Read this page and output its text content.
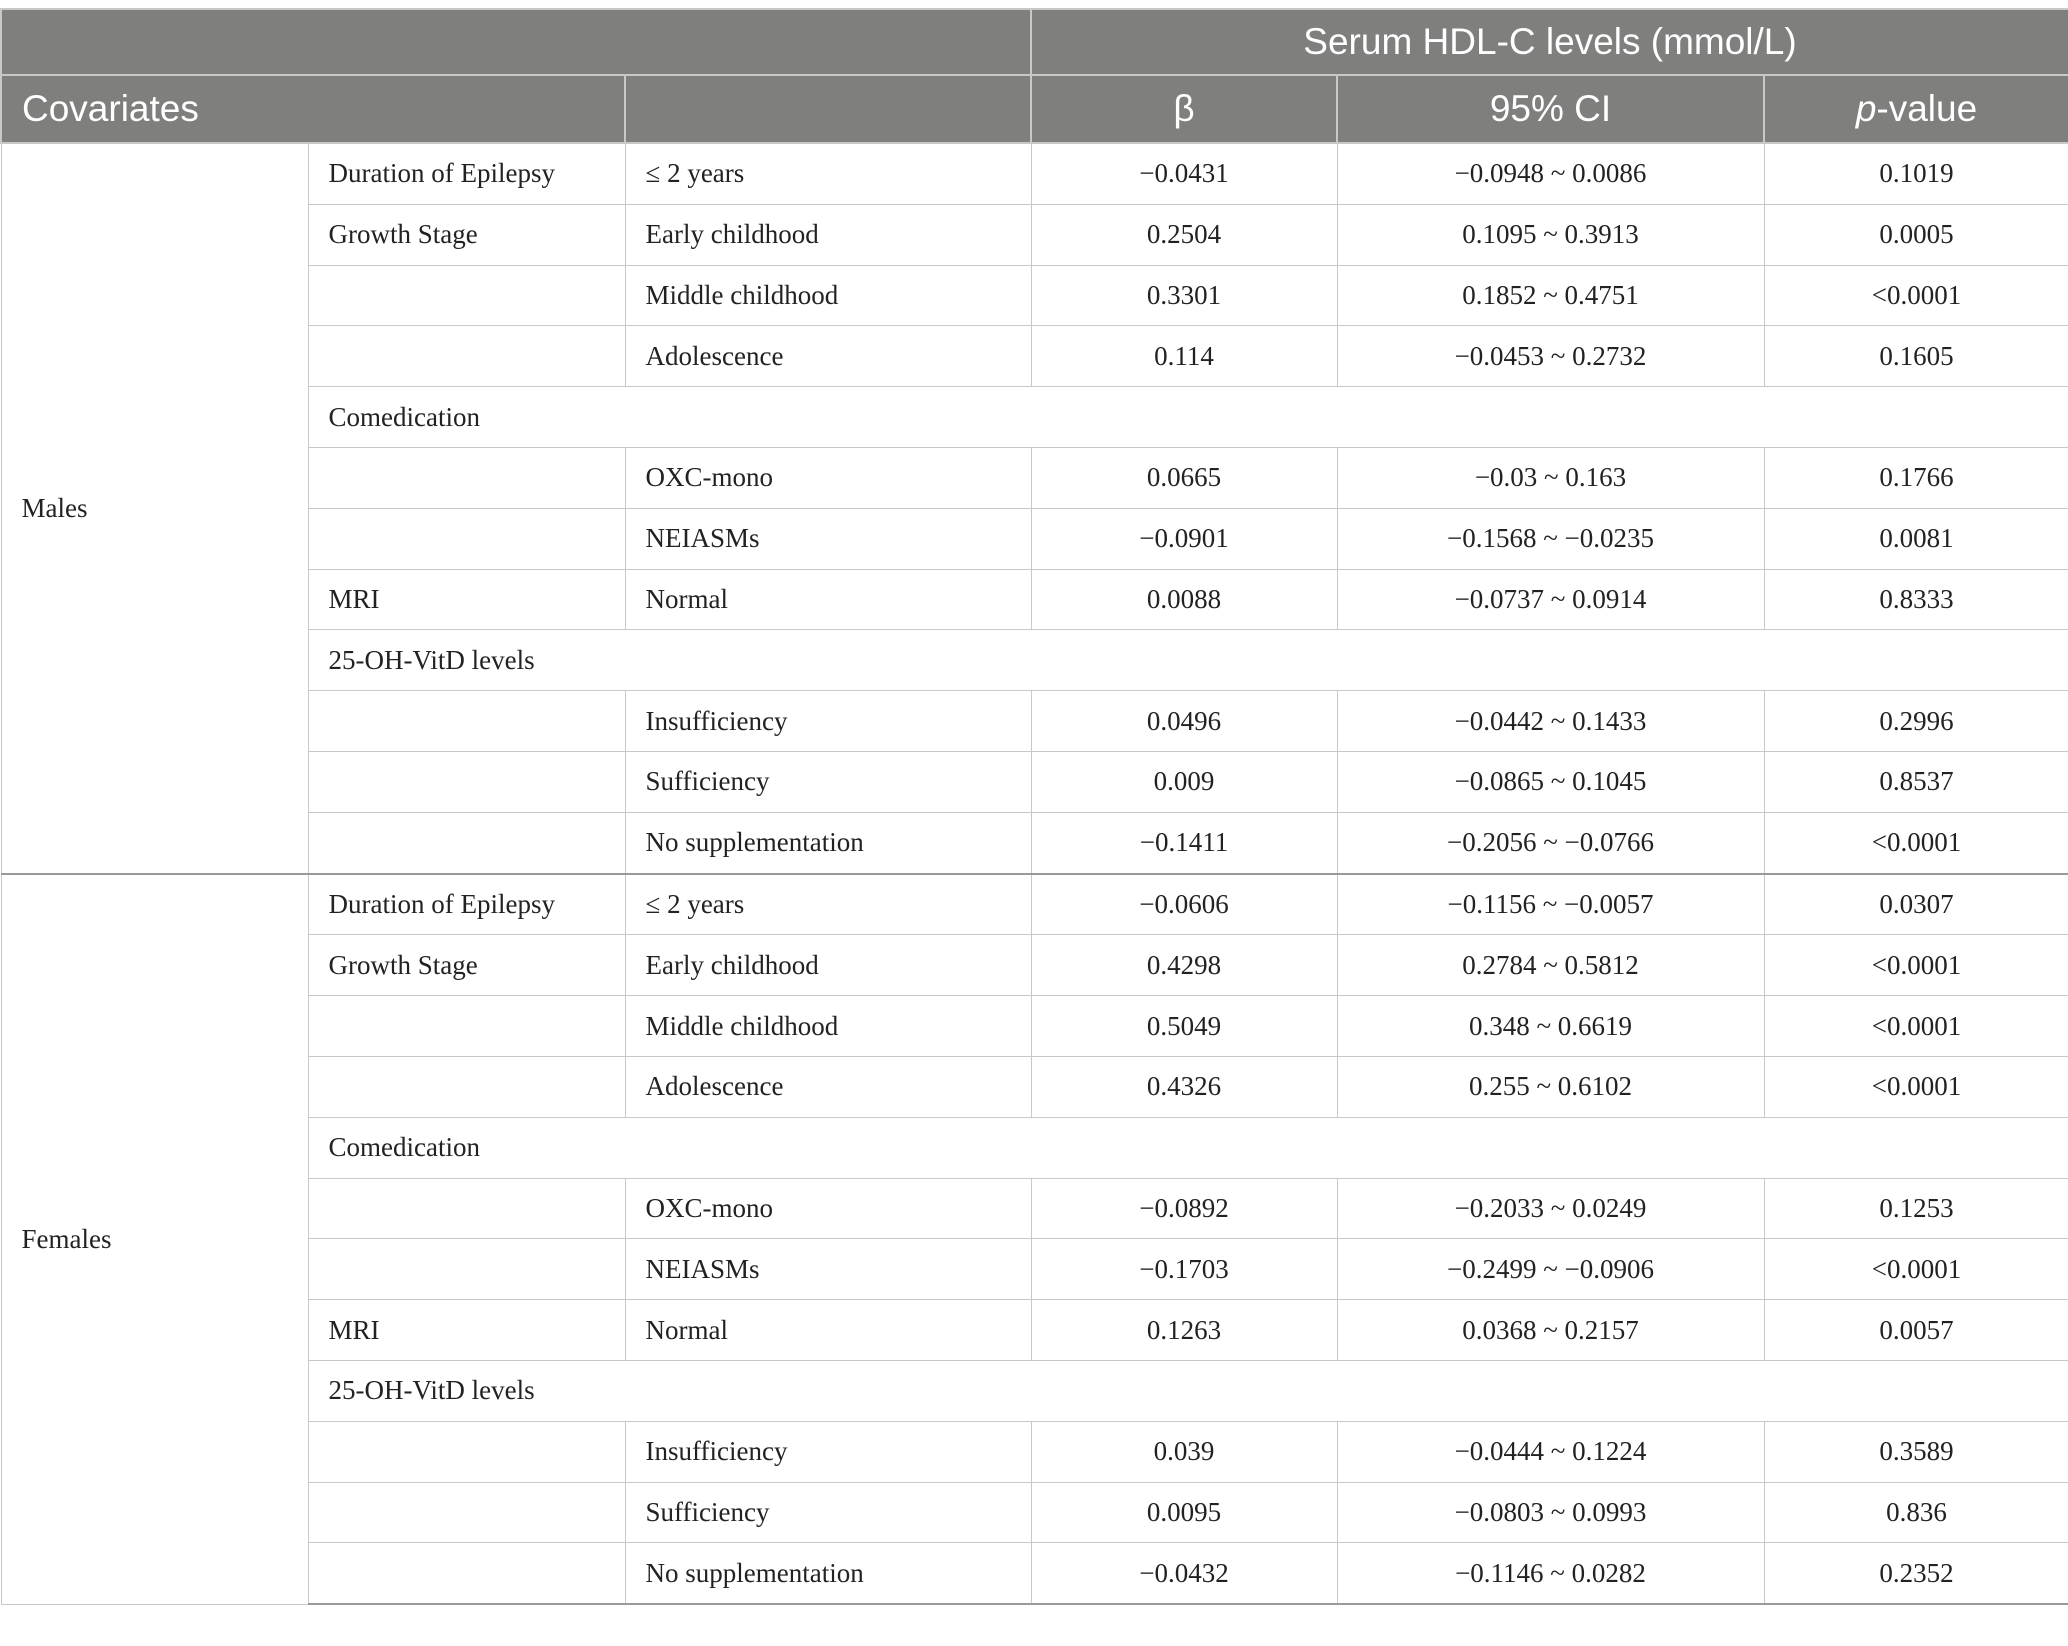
			Serum HDL-C levels (mmol/L)		
Covariates			β	95% CI	p-value
Males	Duration of Epilepsy	≤ 2 years	−0.0431	−0.0948 ~ 0.0086	0.1019
	Growth Stage	Early childhood	0.2504	0.1095 ~ 0.3913	0.0005
		Middle childhood	0.3301	0.1852 ~ 0.4751	<0.0001
		Adolescence	0.114	−0.0453 ~ 0.2732	0.1605
	Comedication				
		OXC-mono	0.0665	−0.03 ~ 0.163	0.1766
		NEIASMs	−0.0901	−0.1568 ~ −0.0235	0.0081
	MRI	Normal	0.0088	−0.0737 ~ 0.0914	0.8333
	25-OH-VitD levels				
		Insufficiency	0.0496	−0.0442 ~ 0.1433	0.2996
		Sufficiency	0.009	−0.0865 ~ 0.1045	0.8537
		No supplementation	−0.1411	−0.2056 ~ −0.0766	<0.0001
Females	Duration of Epilepsy	≤ 2 years	−0.0606	−0.1156 ~ −0.0057	0.0307
	Growth Stage	Early childhood	0.4298	0.2784 ~ 0.5812	<0.0001
		Middle childhood	0.5049	0.348 ~ 0.6619	<0.0001
		Adolescence	0.4326	0.255 ~ 0.6102	<0.0001
	Comedication				
		OXC-mono	−0.0892	−0.2033 ~ 0.0249	0.1253
		NEIASMs	−0.1703	−0.2499 ~ −0.0906	<0.0001
	MRI	Normal	0.1263	0.0368 ~ 0.2157	0.0057
	25-OH-VitD levels				
		Insufficiency	0.039	−0.0444 ~ 0.1224	0.3589
		Sufficiency	0.0095	−0.0803 ~ 0.0993	0.836
		No supplementation	−0.0432	−0.1146 ~ 0.0282	0.2352
